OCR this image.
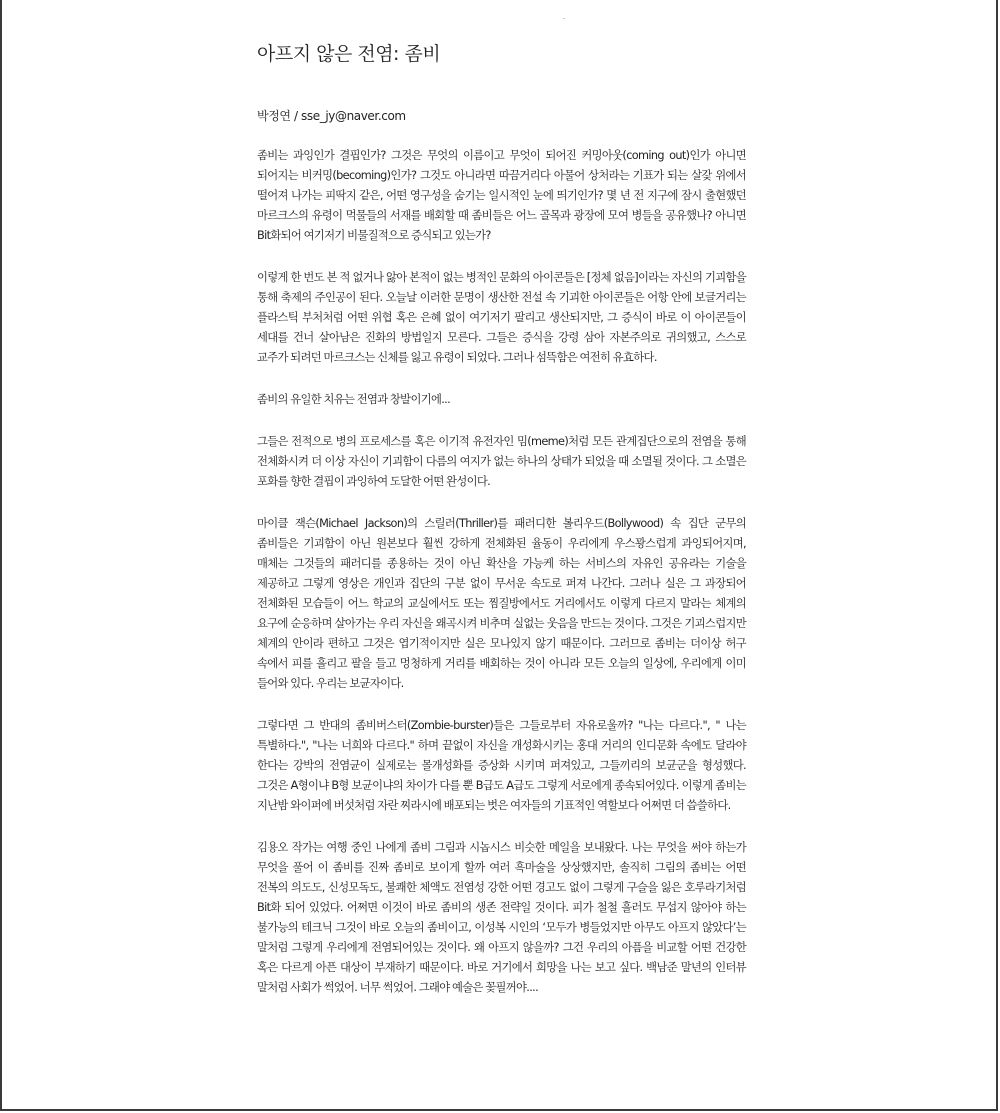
아프지 않은 전염: 좀비
박정연 / sse_jy@naver.com

좀비는 과잉인가 결핍인가? 그것은 무엇의 이름이고 무엇이 되어진 커밍아웃(coming out)인가 아니면 되어지는 비커밍(becoming)인가? 그것도 아니라면 따끔거리다 아물어 상처라는 기표가 되는 살갗 위에서 떨어져 나가는 피딱지 같은, 어떤 영구성을 숨기는 일시적인 눈에 띄기인가? 몇 년 전 지구에 잠시 출현했던 마르크스의 유령이 먹물들의 서재를 배회할 때 좀비들은 어느 골목과 광장에 모여 병들을 공유했나? 아니면 Bit화되어 여기저기 비물질적으로 증식되고 있는가?

이렇게 한 번도 본 적 없거나 앓아 본적이 없는 병적인 문화의 아이콘들은 [정체 없음]이라는 자신의 기괴함을 통해 축제의 주인공이 된다. 오늘날 이러한 문명이 생산한 전설 속 기괴한 아이콘들은 어항 안에 보글거리는 플라스틱 부처처럼 어떤 위협 혹은 은혜 없이 여기저기 팔리고 생산되지만, 그 증식이 바로 이 아이콘들이 세대를 건너 살아남은 진화의 방법일지 모른다. 그들은 증식을 강령 삼아 자본주의로 귀의했고, 스스로 교주가 되려던 마르크스는 신체를 잃고 유령이 되었다. 그러나 섬뜩함은 여전히 유효하다.

좀비의 유일한 치유는 전염과 창발이기에...

그들은 전적으로 병의 프로세스를 혹은 이기적 유전자인 밈(meme)처럼 모든 관계집단으로의 전염을 통해 전체화시켜 더 이상 자신이 기괴함이 다름의 여지가 없는 하나의 상태가 되었을 때 소멸될 것이다. 그 소멸은 포화를 향한 결핍이 과잉하여 도달한 어떤 완성이다.

마이클 잭슨(Michael Jackson)의 스릴러(Thriller)를 패러디한 볼리우드(Bollywood) 속 집단 군무의 좀비들은 기괴함이 아닌 원본보다 훨씬 강하게 전체화된 율동이 우리에게 우스꽝스럽게 과잉되어지며, 매체는 그것들의 패러디를 종용하는 것이 아닌 확산을 가능케 하는 서비스의 자유인 공유라는 기술을 제공하고 그렇게 영상은 개인과 집단의 구분 없이 무서운 속도로 퍼져 나간다. 그러나 실은 그 과장되어 전체화된 모습들이 어느 학교의 교실에서도 또는 찜질방에서도 거리에서도 이렇게 다르지 말라는 체계의 요구에 순응하며 살아가는 우리 자신을 왜곡시켜 비추며 실없는 웃음을 만드는 것이다. 그것은 기괴스럽지만 체계의 안이라 편하고 그것은 엽기적이지만 실은 모나있지 않기 때문이다. 그러므로 좀비는 더이상 허구 속에서 피를 흘리고 팔을 들고 멍청하게 거리를 배회하는 것이 아니라 모든 오늘의 일상에, 우리에게 이미 들어와 있다. 우리는 보균자이다.

그렇다면 그 반대의 좀비버스터(Zombie-burster)들은 그들로부터 자유로울까? "나는 다르다.", " 나는 특별하다.", "나는 너희와 다르다." 하며 끝없이 자신을 개성화시키는 홍대 거리의 인디문화 속에도 달라야 한다는 강박의 전염균이 실제로는 몰개성화를 증상화 시키며 퍼져있고, 그들끼리의 보균군을 형성했다. 그것은 A형이냐 B형 보균이냐의 차이가 다를 뿐 B급도 A급도 그렇게 서로에게 종속되어있다. 이렇게 좀비는 지난밤 와이퍼에 버섯처럼 자란 찌라시에 배포되는 벗은 여자들의 기표적인 역할보다 어쩌면 더 씁쓸하다.

김용오 작가는 여행 중인 나에게 좀비 그림과 시놉시스 비슷한 메일을 보내왔다. 나는 무엇을 써야 하는가 무엇을 풀어 이 좀비를 진짜 좀비로 보이게 할까 여러 흑마술을 상상했지만, 솔직히 그림의 좀비는 어떤 전복의 의도도, 신성모독도, 불쾌한 체액도 전염성 강한 어떤 경고도 없이 그렇게 구슬을 잃은 호루라기처럼 Bit화 되어 있었다. 어쩌면 이것이 바로 좀비의 생존 전략일 것이다. 피가 철철 흘러도 무섭지 않아야 하는 불가능의 테크닉 그것이 바로 오늘의 좀비이고, 이성복 시인의 ‘모두가 병들었지만 아무도 아프지 않았다’는 말처럼 그렇게 우리에게 전염되어있는 것이다. 왜 아프지 않을까? 그건 우리의 아픔을 비교할 어떤 건강한 혹은 다르게 아픈 대상이 부재하기 때문이다. 바로 거기에서 희망을 나는 보고 싶다. 백남준 말년의 인터뷰 말처럼 사회가 썩었어. 너무 썩었어. 그래야 예술은 꽃필꺼야....
